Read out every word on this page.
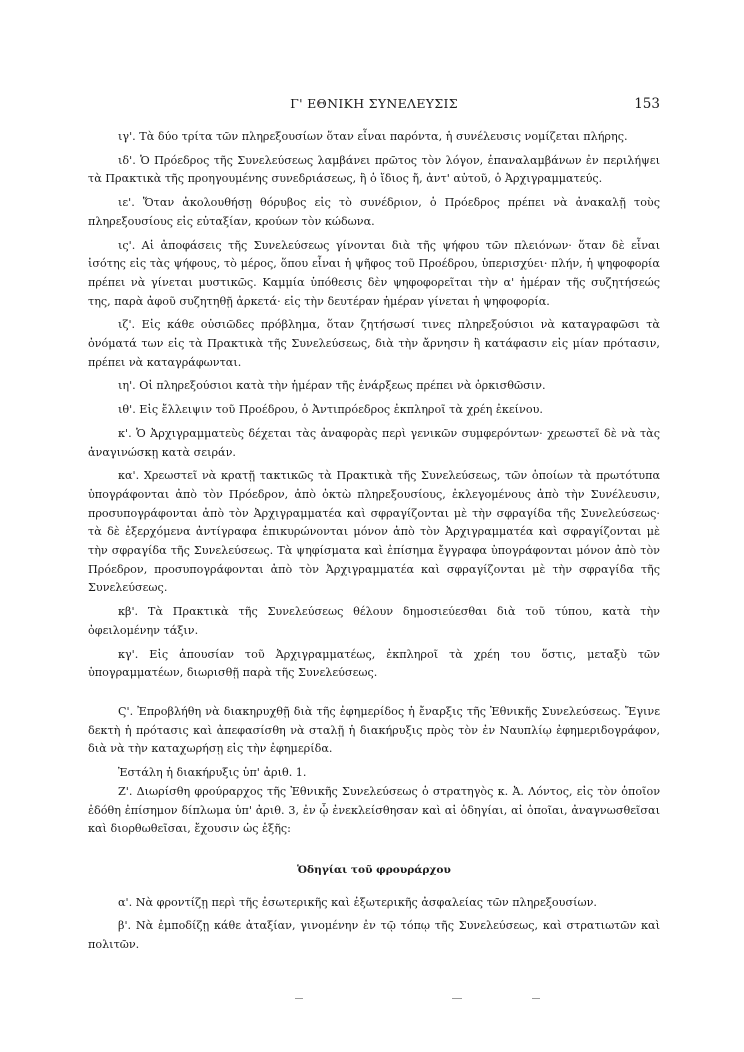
Γ' ΕΘΝΙΚΗ ΣΥΝΕΛΕΥΣΙΣ	153

ιγ'. Τὰ δύο τρίτα τῶν πληρεξουσίων ὅταν εἶναι παρόντα, ἡ συνέλευσις νομίζεται πλήρης.

ιδ'. Ὁ Πρόεδρος τῆς Συνελεύσεως λαμβάνει πρῶτος τὸν λόγον, ἐπαναλαμβάνων ἐν περιλήψει τὰ Πρακτικὰ τῆς προηγουμένης συνεδριάσεως, ἢ ὁ ἴδιος ἤ, ἀντ' αὐτοῦ, ὁ Ἀρχιγραμματεύς.

ιε'. Ὅταν ἀκολουθήσῃ θόρυβος εἰς τὸ συνέδριον, ὁ Πρόεδρος πρέπει νὰ ἀνακαλῇ τοὺς πληρεξουσίους εἰς εὐταξίαν, κρούων τὸν κώδωνα.

ις'. Αἱ ἀποφάσεις τῆς Συνελεύσεως γίνονται διὰ τῆς ψήφου τῶν πλειόνων· ὅταν δὲ εἶναι ἰσότης εἰς τὰς ψήφους, τὸ μέρος, ὅπου εἶναι ἡ ψῆφος τοῦ Προέδρου, ὑπερισχύει· πλήν, ἡ ψηφοφορία πρέπει νὰ γίνεται μυστικῶς. Καμμία ὑπόθεσις δὲν ψηφοφορεῖται τὴν α' ἡμέραν τῆς συζητήσεώς της, παρὰ ἀφοῦ συζητηθῇ ἀρκετά· εἰς τὴν δευτέραν ἡμέραν γίνεται ἡ ψηφοφορία.

ιζ'. Εἰς κάθε οὐσιῶδες πρόβλημα, ὅταν ζητήσωσί τινες πληρεξούσιοι νὰ καταγραφῶσι τὰ ὀνόματά των εἰς τὰ Πρακτικὰ τῆς Συνελεύσεως, διὰ τὴν ἄρνησιν ἢ κατάφασιν εἰς μίαν πρότασιν, πρέπει νὰ καταγράφωνται.

ιη'. Οἱ πληρεξούσιοι κατὰ τὴν ἡμέραν τῆς ἐνάρξεως πρέπει νὰ ὁρκισθῶσιν.

ιθ'. Εἰς ἔλλειψιν τοῦ Προέδρου, ὁ Ἀντιπρόεδρος ἐκπληροῖ τὰ χρέη ἐκείνου.

κ'. Ὁ Ἀρχιγραμματεὺς δέχεται τὰς ἀναφορὰς περὶ γενικῶν συμφερόντων· χρεωστεῖ δὲ νὰ τὰς ἀναγινώσκῃ κατὰ σειράν.

κα'. Χρεωστεῖ νὰ κρατῇ τακτικῶς τὰ Πρακτικὰ τῆς Συνελεύσεως, τῶν ὁποίων τὰ πρωτότυπα ὑπογράφονται ἀπὸ τὸν Πρόεδρον, ἀπὸ ὀκτὼ πληρεξουσίους, ἐκλεγομένους ἀπὸ τὴν Συνέλευσιν, προσυπογράφονται ἀπὸ τὸν Ἀρχιγραμματέα καὶ σφραγίζονται μὲ τὴν σφραγίδα τῆς Συνελεύσεως· τὰ δὲ ἐξερχόμενα ἀντίγραφα ἐπικυρώνονται μόνον ἀπὸ τὸν Ἀρχιγραμματέα καὶ σφραγίζονται μὲ τὴν σφραγίδα τῆς Συνελεύσεως. Τὰ ψηφίσματα καὶ ἐπίσημα ἔγγραφα ὑπογράφονται μόνον ἀπὸ τὸν Πρόεδρον, προσυπογράφονται ἀπὸ τὸν Ἀρχιγραμματέα καὶ σφραγίζονται μὲ τὴν σφραγίδα τῆς Συνελεύσεως.

κβ'. Τὰ Πρακτικὰ τῆς Συνελεύσεως θέλουν δημοσιεύεσθαι διὰ τοῦ τύπου, κατὰ τὴν ὀφειλομένην τάξιν.

κγ'. Εἰς ἀπουσίαν τοῦ Ἀρχιγραμματέως, ἐκπληροῖ τὰ χρέη του ὅστις, μεταξὺ τῶν ὑπογραμματέων, διωρισθῇ παρὰ τῆς Συνελεύσεως.

Ϛ'. Ἐπροβλήθη νὰ διακηρυχθῇ διὰ τῆς ἐφημερίδος ἡ ἔναρξις τῆς Ἐθνικῆς Συνελεύσεως. Ἔγινε δεκτὴ ἡ πρότασις καὶ ἀπεφασίσθη νὰ σταλῇ ἡ διακήρυξις πρὸς τὸν ἐν Ναυπλίῳ ἐφημεριδογράφον, διὰ νὰ τὴν καταχωρήσῃ εἰς τὴν ἐφημερίδα.

Ἐστάλη ἡ διακήρυξις ὑπ' ἀριθ. 1.

Ζ'. Διωρίσθη φρούραρχος τῆς Ἐθνικῆς Συνελεύσεως ὁ στρατηγὸς κ. Ἀ. Λόντος, εἰς τὸν ὁποῖον ἐδόθη ἐπίσημον δίπλωμα ὑπ' ἀριθ. 3, ἐν ᾧ ἐνεκλείσθησαν καὶ αἱ ὁδηγίαι, αἱ ὁποῖαι, ἀναγνωσθεῖσαι καὶ διορθωθεῖσαι, ἔχουσιν ὡς ἑξῆς:

Ὁδηγίαι τοῦ φρουράρχου

α'. Νὰ φροντίζῃ περὶ τῆς ἐσωτερικῆς καὶ ἐξωτερικῆς ἀσφαλείας τῶν πληρεξουσίων.

β'. Νὰ ἐμποδίζῃ κάθε ἀταξίαν, γινομένην ἐν τῷ τόπῳ τῆς Συνελεύσεως, καὶ στρατιωτῶν καὶ πολιτῶν.
